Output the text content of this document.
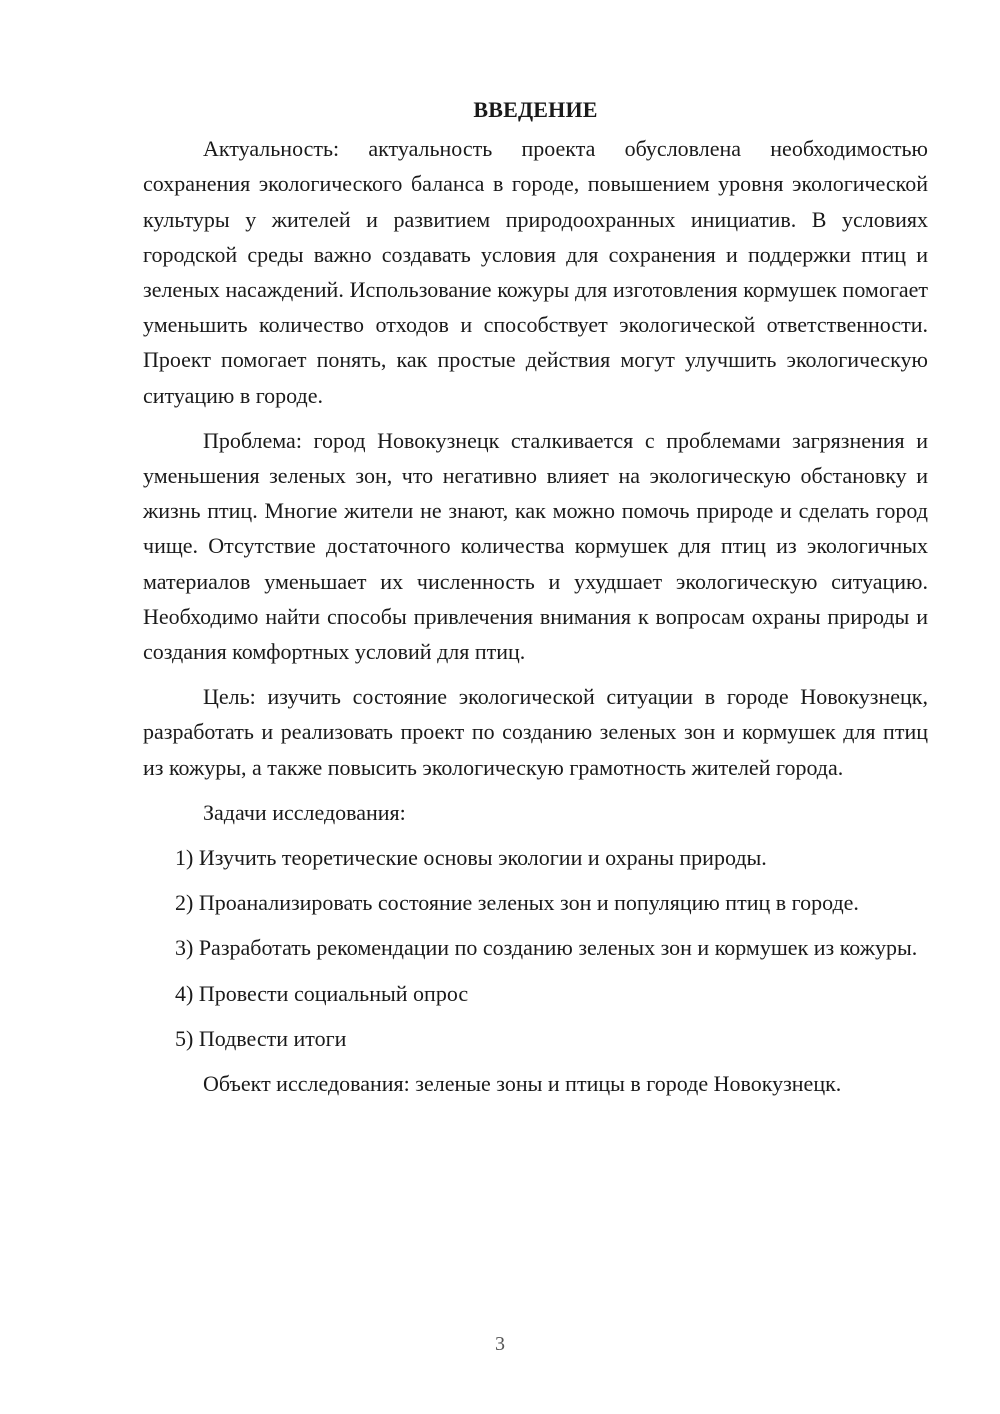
ВВЕДЕНИЕ

Актуальность: актуальность проекта обусловлена необходимостью сохранения экологического баланса в городе, повышением уровня экологической культуры у жителей и развитием природоохранных инициатив. В условиях городской среды важно создавать условия для сохранения и поддержки птиц и зеленых насаждений. Использование кожуры для изготовления кормушек помогает уменьшить количество отходов и способствует экологической ответственности. Проект помогает понять, как простые действия могут улучшить экологическую ситуацию в городе.

Проблема: город Новокузнецк сталкивается с проблемами загрязнения и уменьшения зеленых зон, что негативно влияет на экологическую обстановку и жизнь птиц. Многие жители не знают, как можно помочь природе и сделать город чище. Отсутствие достаточного количества кормушек для птиц из экологичных материалов уменьшает их численность и ухудшает экологическую ситуацию. Необходимо найти способы привлечения внимания к вопросам охраны природы и создания комфортных условий для птиц.

Цель: изучить состояние экологической ситуации в городе Новокузнецк, разработать и реализовать проект по созданию зеленых зон и кормушек для птиц из кожуры, а также повысить экологическую грамотность жителей города.

Задачи исследования:

1) Изучить теоретические основы экологии и охраны природы.

2) Проанализировать состояние зеленых зон и популяцию птиц в городе.

3) Разработать рекомендации по созданию зеленых зон и кормушек из кожуры.

4) Провести социальный опрос

5) Подвести итоги

Объект исследования: зеленые зоны и птицы в городе Новокузнецк.

3
